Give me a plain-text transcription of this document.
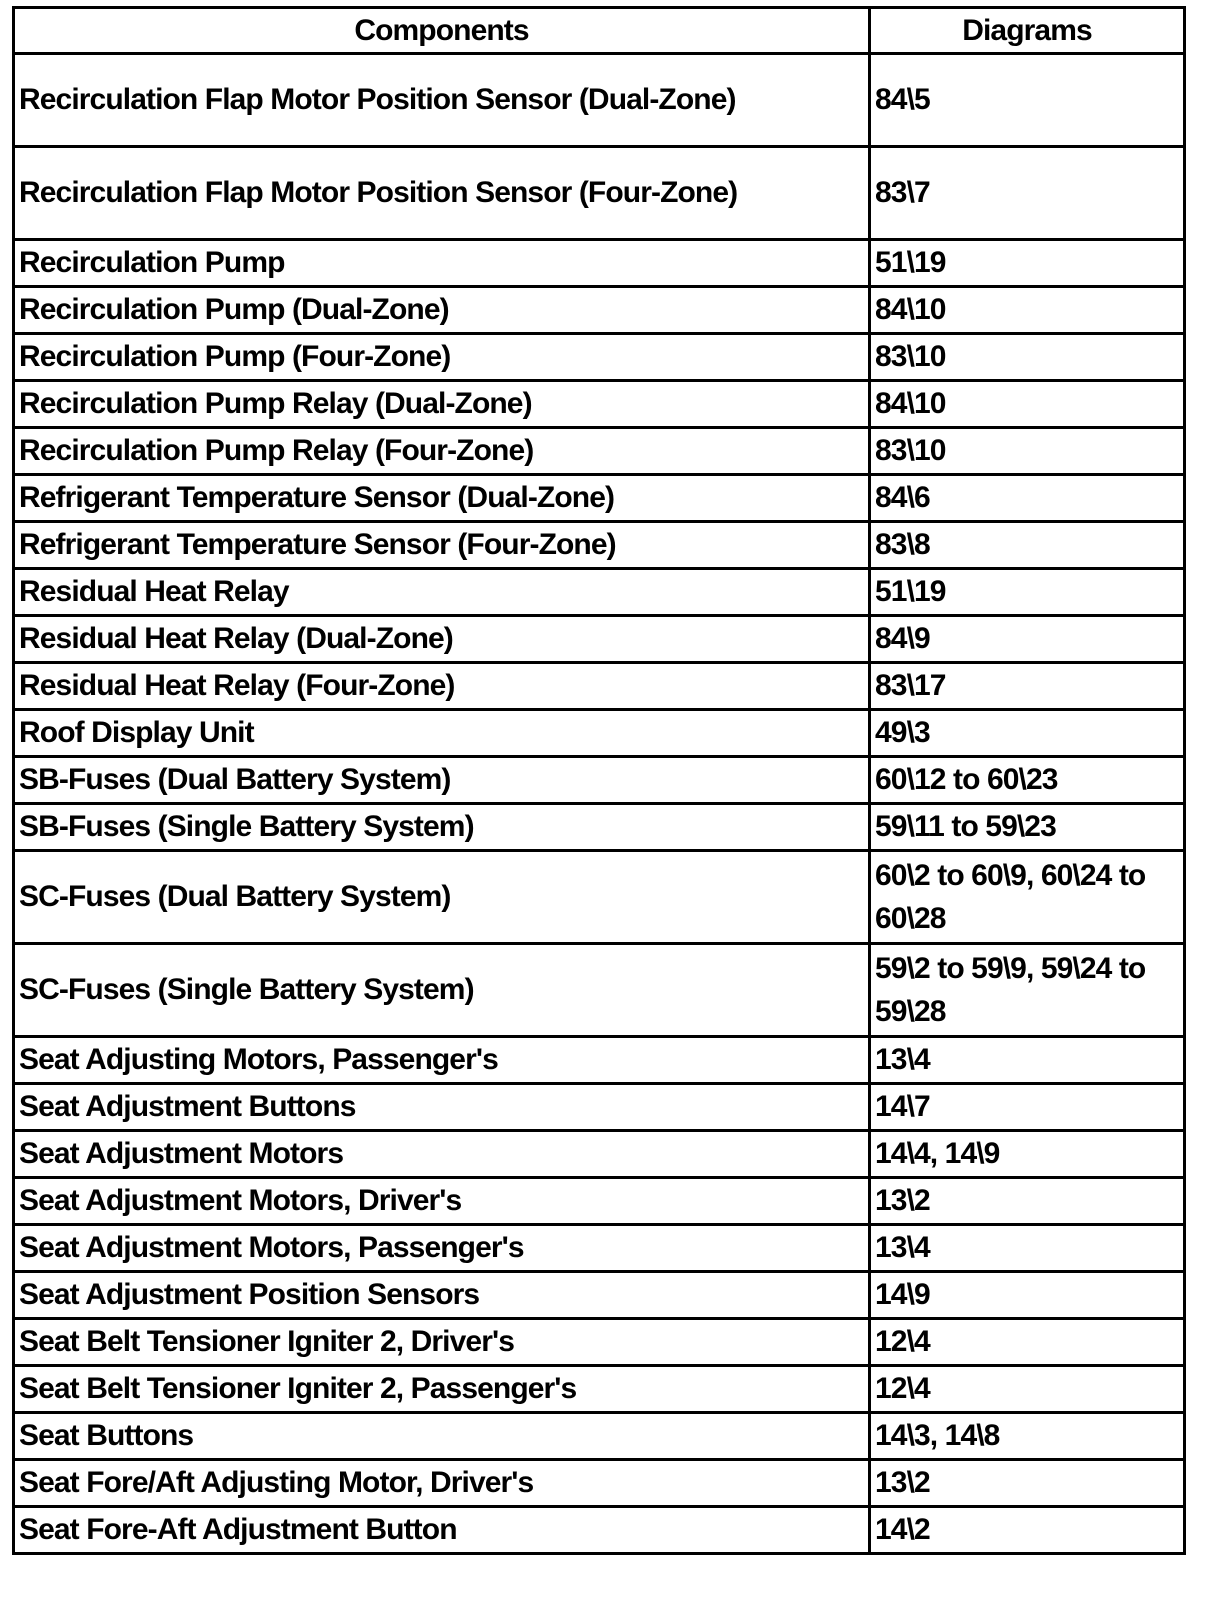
Components	Diagrams
Recirculation Flap Motor Position Sensor (Dual-Zone)	84\5
Recirculation Flap Motor Position Sensor (Four-Zone)	83\7
Recirculation Pump	51\19
Recirculation Pump (Dual-Zone)	84\10
Recirculation Pump (Four-Zone)	83\10
Recirculation Pump Relay (Dual-Zone)	84\10
Recirculation Pump Relay (Four-Zone)	83\10
Refrigerant Temperature Sensor (Dual-Zone)	84\6
Refrigerant Temperature Sensor (Four-Zone)	83\8
Residual Heat Relay	51\19
Residual Heat Relay (Dual-Zone)	84\9
Residual Heat Relay (Four-Zone)	83\17
Roof Display Unit	49\3
SB-Fuses (Dual Battery System)	60\12 to 60\23
SB-Fuses (Single Battery System)	59\11 to 59\23
SC-Fuses (Dual Battery System)	60\2 to 60\9, 60\24 to 60\28
SC-Fuses (Single Battery System)	59\2 to 59\9, 59\24 to 59\28
Seat Adjusting Motors, Passenger's	13\4
Seat Adjustment Buttons	14\7
Seat Adjustment Motors	14\4, 14\9
Seat Adjustment Motors, Driver's	13\2
Seat Adjustment Motors, Passenger's	13\4
Seat Adjustment Position Sensors	14\9
Seat Belt Tensioner Igniter 2, Driver's	12\4
Seat Belt Tensioner Igniter 2, Passenger's	12\4
Seat Buttons	14\3, 14\8
Seat Fore/Aft Adjusting Motor, Driver's	13\2
Seat Fore-Aft Adjustment Button	14\2
